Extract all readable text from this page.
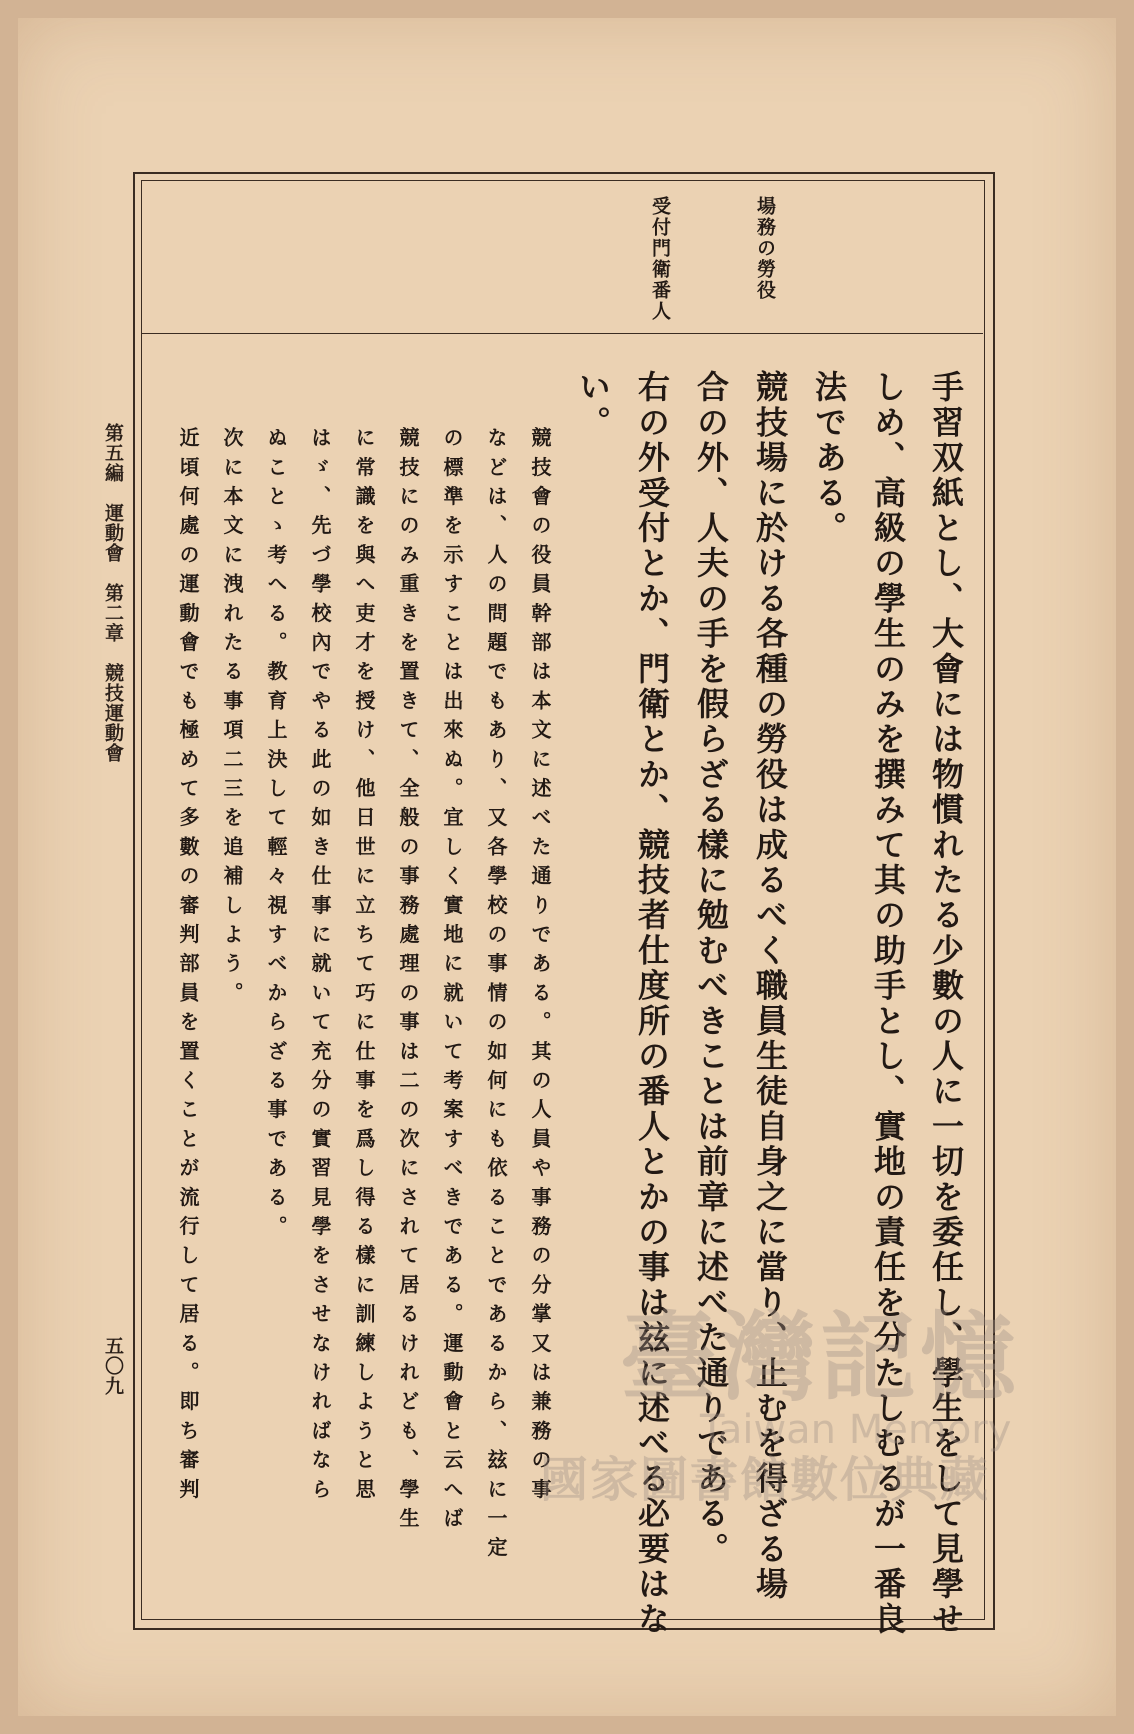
場務の勞役
受付門衛番人
手習双紙とし、大會には物慣れたる少數の人に一切を委任し、學生をして見學せ
しめ、高級の學生のみを撰みて其の助手とし、實地の責任を分たしむるが一番良
法である。
競技場に於ける各種の勞役は成るべく職員生徒自身之に當り、止むを得ざる場
合の外、人夫の手を假らざる樣に勉むべきことは前章に述べた通りである。
右の外受付とか、門衛とか、競技者仕度所の番人とかの事は玆に述べる必要はな
い。
競技會の役員幹部は本文に述べた通りである。其の人員や事務の分掌又は兼務の事
などは、人の問題でもあり、又各學校の事情の如何にも依ることであるから、玆に一定
の標準を示すことは出來ぬ。宜しく實地に就いて考案すべきである。運動會と云へば
競技にのみ重きを置きて、全般の事務處理の事は二の次にされて居るけれども、學生
に常識を與へ吏才を授け、他日世に立ちて巧に仕事を爲し得る樣に訓練しようと思
はゞ、先づ學校內でやる此の如き仕事に就いて充分の實習見學をさせなければなら
ぬことゝ考へる。教育上決して輕々視すべからざる事である。
次に本文に洩れたる事項二三を追補しよう。
近頃何處の運動會でも極めて多數の審判部員を置くことが流行して居る。即ち審判
第五編　運動會　第二章　競技運動會
五〇九	臺灣記憶
Taiwan Memory
國家圖書館數位典藏
